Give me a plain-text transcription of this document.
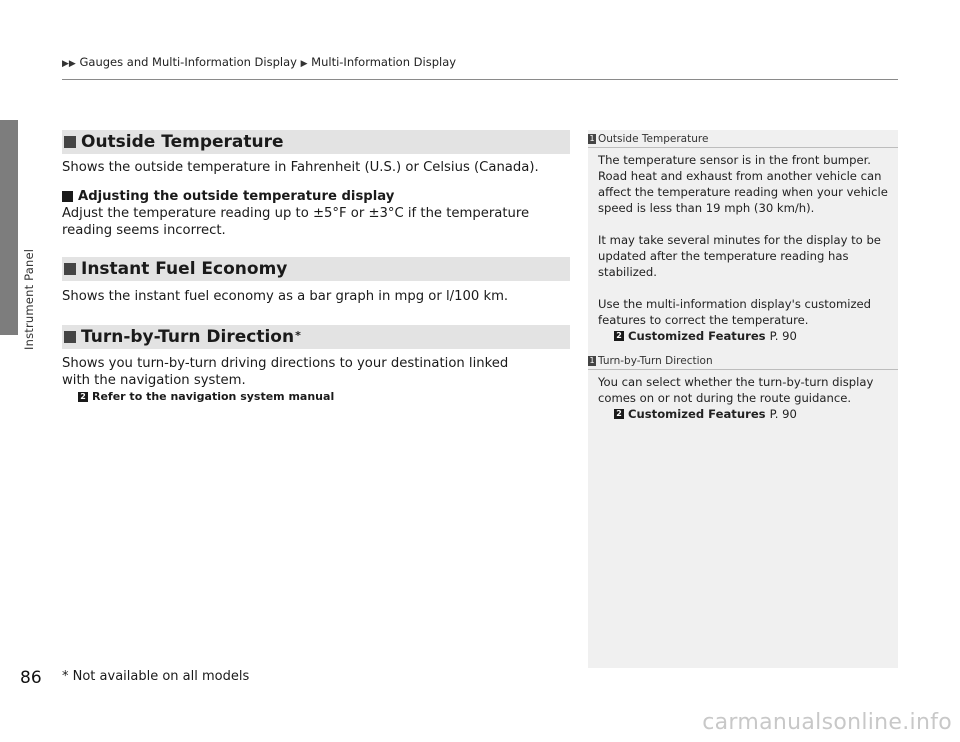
Instrument Panel
▶▶ Gauges and Multi-Information Display ▶ Multi-Information Display
Outside Temperature

Shows the outside temperature in Fahrenheit (U.S.) or Celsius (Canada).

Adjusting the outside temperature display

Adjust the temperature reading up to ±5°F or ±3°C if the temperature reading seems incorrect.

Instant Fuel Economy

Shows the instant fuel economy as a bar graph in mpg or l/100 km.

Turn-by-Turn Direction*

Shows you turn-by-turn driving directions to your destination linked with the navigation system.

2 Refer to the navigation system manual
1 Outside Temperature

The temperature sensor is in the front bumper. Road heat and exhaust from another vehicle can affect the temperature reading when your vehicle speed is less than 19 mph (30 km/h).

It may take several minutes for the display to be updated after the temperature reading has stabilized.

Use the multi-information display's customized features to correct the temperature.

2 Customized Features P. 90
1 Turn-by-Turn Direction

You can select whether the turn-by-turn display comes on or not during the route guidance.

2 Customized Features P. 90
86 * Not available on all models
carmanualsonline.info
